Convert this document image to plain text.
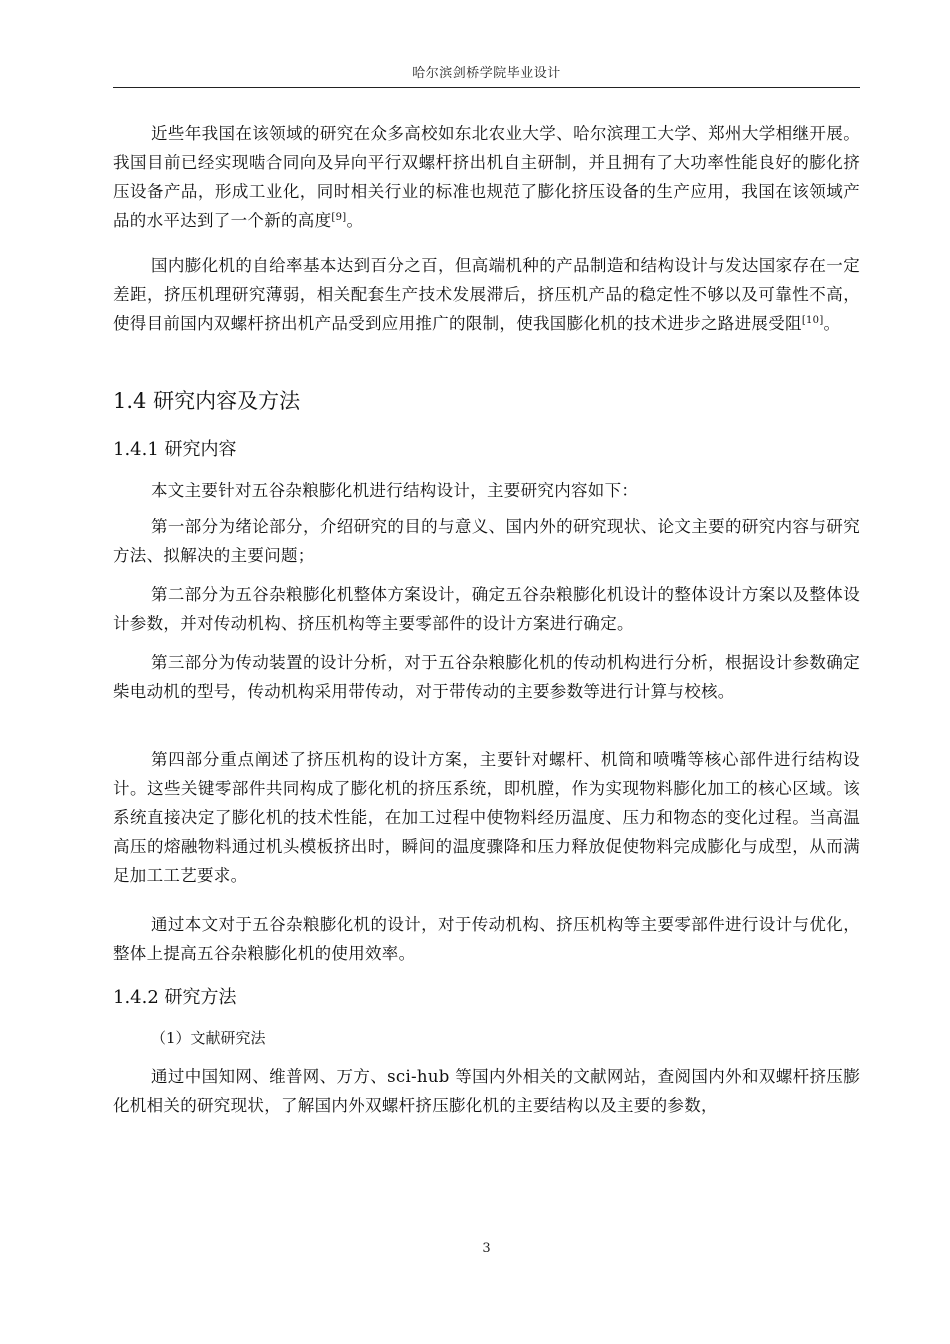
哈尔滨剑桥学院毕业设计

近些年我国在该领域的研究在众多高校如东北农业大学、哈尔滨理工大学、郑州大学相继开展。我国目前已经实现啮合同向及异向平行双螺杆挤出机自主研制，并且拥有了大功率性能良好的膨化挤压设备产品，形成工业化，同时相关行业的标准也规范了膨化挤压设备的生产应用，我国在该领域产品的水平达到了一个新的高度[9]。

国内膨化机的自给率基本达到百分之百，但高端机种的产品制造和结构设计与发达国家存在一定差距，挤压机理研究薄弱，相关配套生产技术发展滞后，挤压机产品的稳定性不够以及可靠性不高，使得目前国内双螺杆挤出机产品受到应用推广的限制，使我国膨化机的技术进步之路进展受阻[10]。

1.4 研究内容及方法
1.4.1 研究内容

本文主要针对五谷杂粮膨化机进行结构设计，主要研究内容如下：

第一部分为绪论部分，介绍研究的目的与意义、国内外的研究现状、论文主要的研究内容与研究方法、拟解决的主要问题；

第二部分为五谷杂粮膨化机整体方案设计，确定五谷杂粮膨化机设计的整体设计方案以及整体设计参数，并对传动机构、挤压机构等主要零部件的设计方案进行确定。

第三部分为传动装置的设计分析，对于五谷杂粮膨化机的传动机构进行分析，根据设计参数确定柴电动机的型号，传动机构采用带传动，对于带传动的主要参数等进行计算与校核。

第四部分重点阐述了挤压机构的设计方案，主要针对螺杆、机筒和喷嘴等核心部件进行结构设计。这些关键零部件共同构成了膨化机的挤压系统，即机膛，作为实现物料膨化加工的核心区域。该系统直接决定了膨化机的技术性能，在加工过程中使物料经历温度、压力和物态的变化过程。当高温高压的熔融物料通过机头模板挤出时，瞬间的温度骤降和压力释放促使物料完成膨化与成型，从而满足加工工艺要求。

通过本文对于五谷杂粮膨化机的设计，对于传动机构、挤压机构等主要零部件进行设计与优化，整体上提高五谷杂粮膨化机的使用效率。

1.4.2 研究方法

（1）文献研究法

通过中国知网、维普网、万方、sci-hub 等国内外相关的文献网站，查阅国内外和双螺杆挤压膨化机相关的研究现状，了解国内外双螺杆挤压膨化机的主要结构以及主要的参数，

3
